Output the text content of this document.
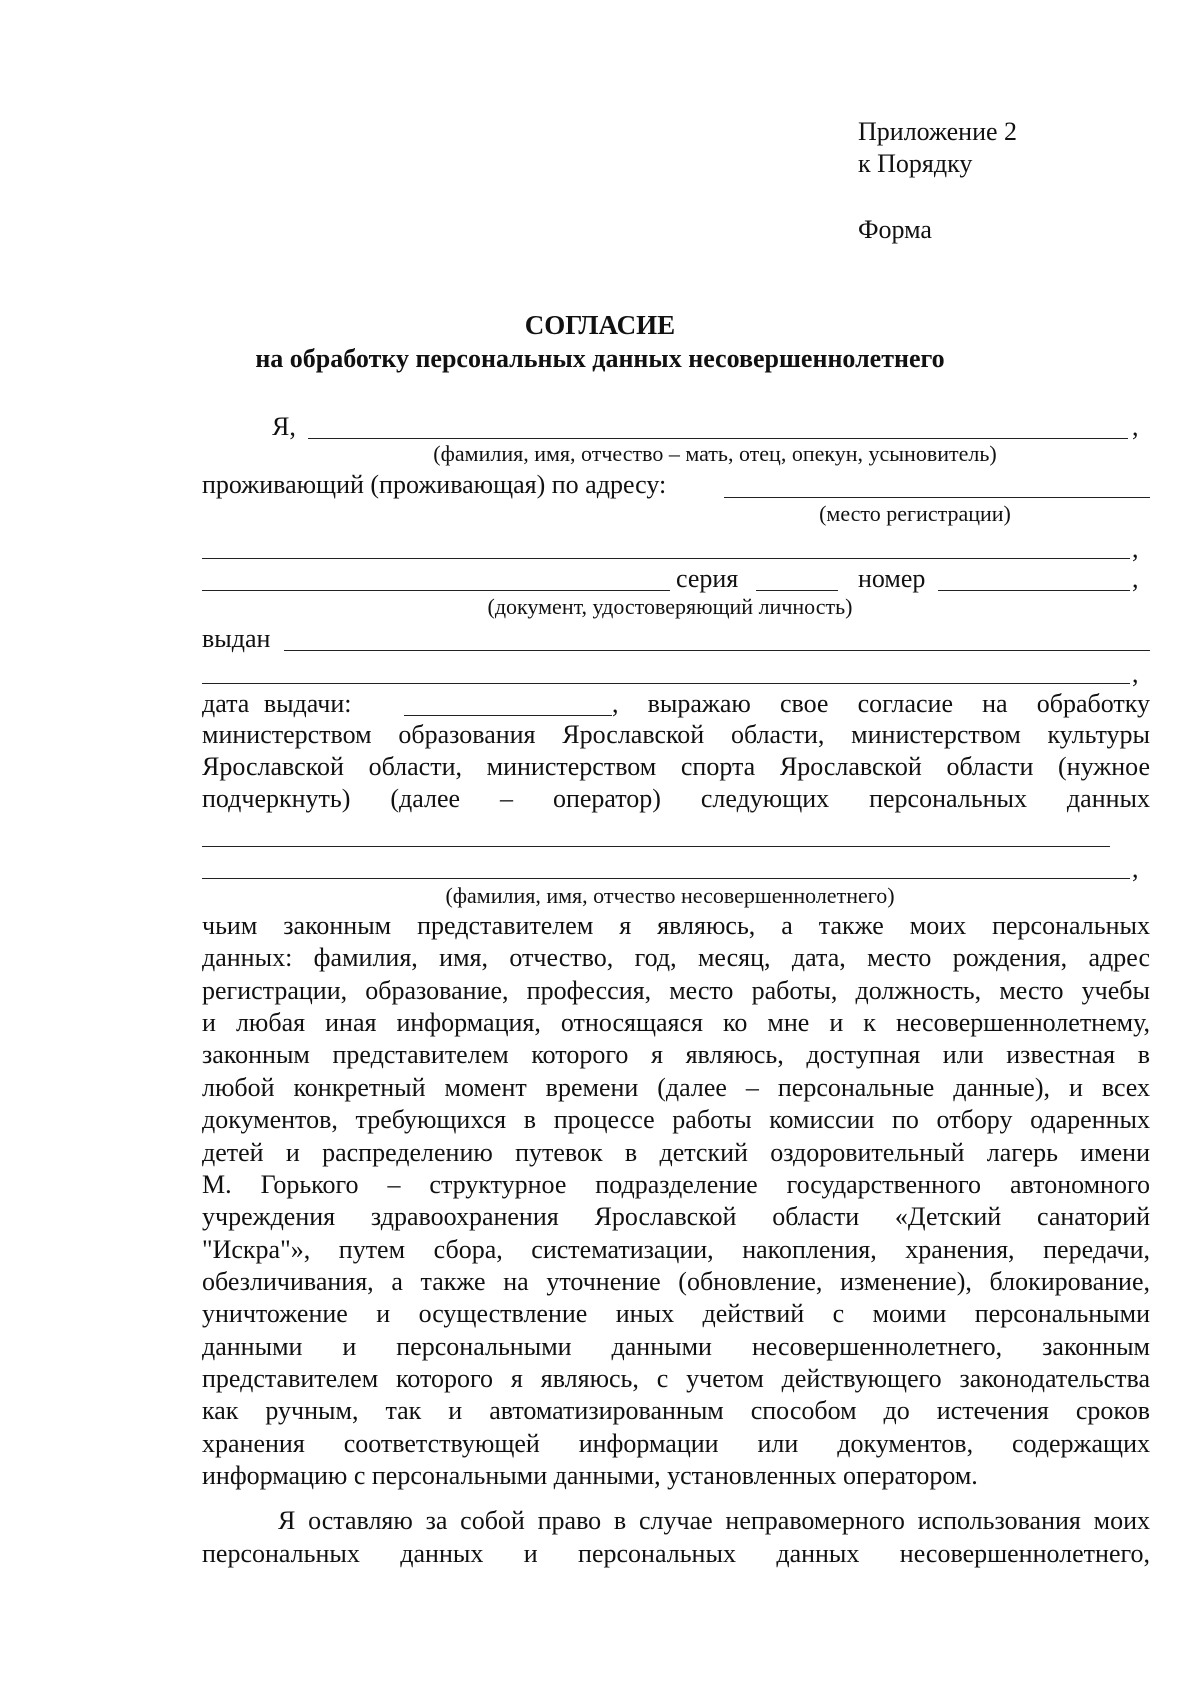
Приложение 2
к Порядку
Форма
СОГЛАСИЕ
на обработку персональных данных несовершеннолетнего
Я,	,
(фамилия, имя, отчество – мать, отец, опекун, усыновитель)
проживающий (проживающая) по адресу:
(место регистрации)
,
серия	номер	,
(документ, удостоверяющий личность)
выдан
,
дата выдачи:	, выражаю свое согласие на обработку
министерством образования Ярославской области, министерством культуры
Ярославской области, министерством спорта Ярославской области (нужное
подчеркнуть) (далее – оператор) следующих персональных данных
,
(фамилия, имя, отчество несовершеннолетнего)
чьим законным представителем я являюсь, а также моих персональных
данных: фамилия, имя, отчество, год, месяц, дата, место рождения, адрес
регистрации, образование, профессия, место работы, должность, место учебы
и любая иная информация, относящаяся ко мне и к несовершеннолетнему,
законным представителем которого я являюсь, доступная или известная в
любой конкретный момент времени (далее – персональные данные), и всех
документов, требующихся в процессе работы комиссии по отбору одаренных
детей и распределению путевок в детский оздоровительный лагерь имени
М. Горького – структурное подразделение государственного автономного
учреждения здравоохранения Ярославской области «Детский санаторий
"Искра"», путем сбора, систематизации, накопления, хранения, передачи,
обезличивания, а также на уточнение (обновление, изменение), блокирование,
уничтожение и осуществление иных действий с моими персональными
данными и персональными данными несовершеннолетнего, законным
представителем которого я являюсь, с учетом действующего законодательства
как ручным, так и автоматизированным способом до истечения сроков
хранения соответствующей информации или документов, содержащих
информацию с персональными данными, установленных оператором.
Я оставляю за собой право в случае неправомерного использования моих
персональных данных и персональных данных несовершеннолетнего,
